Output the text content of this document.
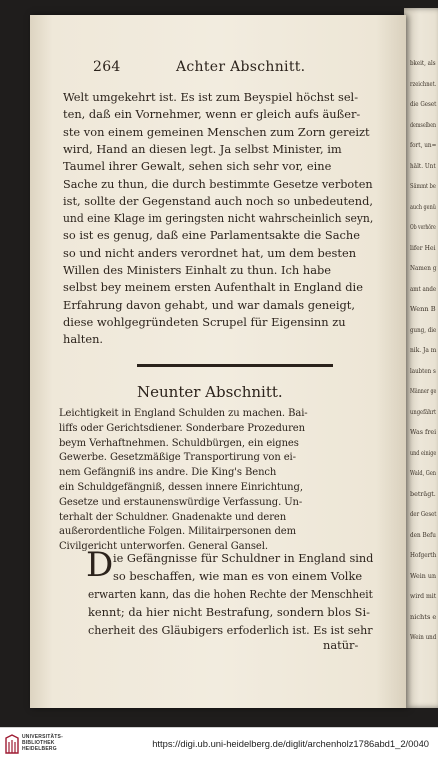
264	Achter Abschnitt.
Welt umgekehrt ist. Es ist zum Beyspiel höchst sel-
ten, daß ein Vornehmer, wenn er gleich aufs äußer-
ste von einem gemeinen Menschen zum Zorn gereizt
wird, Hand an diesen legt. Ja selbst Minister, im
Taumel ihrer Gewalt, sehen sich sehr vor, eine
Sache zu thun, die durch bestimmte Gesetze verboten
ist, sollte der Gegenstand auch noch so unbedeutend,
und eine Klage im geringsten nicht wahrscheinlich seyn,
so ist es genug, daß eine Parlamentsakte die Sache
so und nicht anders verordnet hat, um dem besten
Willen des Ministers Einhalt zu thun. Ich habe
selbst bey meinem ersten Aufenthalt in England die
Erfahrung davon gehabt, und war damals geneigt,
diese wohlgegründeten Scrupel für Eigensinn zu
halten.
Neunter Abschnitt.
Leichtigkeit in England Schulden zu machen. Bai-
liffs oder Gerichtsdiener. Sonderbare Prozeduren
beym Verhaftnehmen. Schuldbürgen, ein eignes
Gewerbe. Gesetzmäßige Transportirung von ei-
nem Gefängniß ins andre. Die King's Bench
ein Schuldgefängniß, dessen innere Einrichtung,
Gesetze und erstaunenswürdige Verfassung. Un-
terhalt der Schuldner. Gnadenakte und deren
außerordentliche Folgen. Militairpersonen dem
Civilgericht unterworfen. General Gansel.
D ie Gefängnisse für Schuldner in England sind
so beschaffen, wie man es von einem Volke
erwarten kann, das die hohen Rechte der Menschheit
kennt; da hier nicht Bestrafung, sondern blos Si-
cherheit des Gläubigers erfoderlich ist. Es ist sehr
natür-
bkeit, als
rzeichnet.
die Geset
demselben
fort, un=
hält. Unt
Sämmt be
auch genü
Ob verhöre
lifer Hei
Namen g
amt ande
Wenn B
gung, die
nik. Ja m
laubten s
Männer ge
ungefährt
Was frei
und einige
Wald, Gen
beträgt.
der Geset
den Befu
Hofgerth
Wein un
wird mit
nichts e
Wein und
UNIVERSITÄTS-
BIBLIOTHEK
HEIDELBERG	https://digi.ub.uni-heidelberg.de/diglit/archenholz1786abd1_2/0040
